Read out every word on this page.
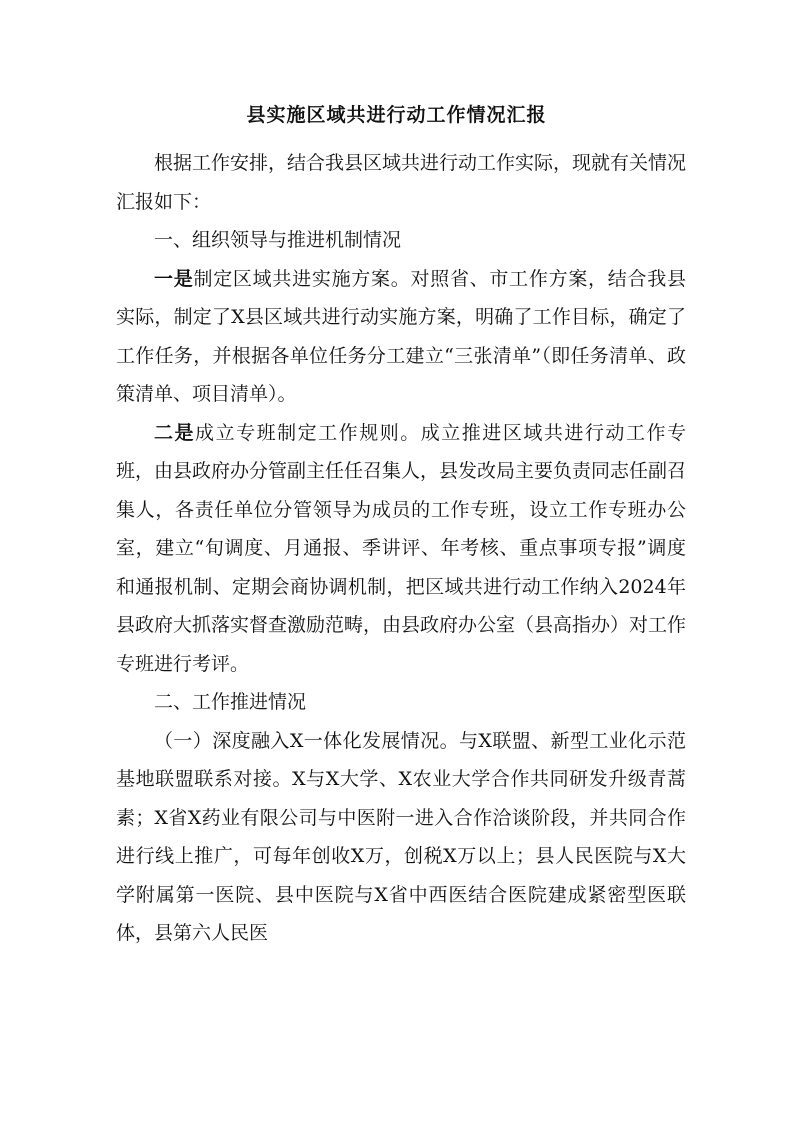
县实施区域共进行动工作情况汇报

根据工作安排，结合我县区域共进行动工作实际，现就有关情况汇报如下：

一、组织领导与推进机制情况

一是制定区域共进实施方案。对照省、市工作方案，结合我县实际，制定了X县区域共进行动实施方案，明确了工作目标，确定了工作任务，并根据各单位任务分工建立“三张清单”（即任务清单、政策清单、项目清单）。

二是成立专班制定工作规则。成立推进区域共进行动工作专班，由县政府办分管副主任任召集人，县发改局主要负责同志任副召集人，各责任单位分管领导为成员的工作专班，设立工作专班办公室，建立“旬调度、月通报、季讲评、年考核、重点事项专报”调度和通报机制、定期会商协调机制，把区域共进行动工作纳入2024年县政府大抓落实督查激励范畴，由县政府办公室（县高指办）对工作专班进行考评。

二、工作推进情况

（一）深度融入X一体化发展情况。与X联盟、新型工业化示范基地联盟联系对接。X与X大学、X农业大学合作共同研发升级青蒿素；X省X药业有限公司与中医附一进入合作洽谈阶段，并共同合作进行线上推广，可每年创收X万，创税X万以上；县人民医院与X大学附属第一医院、县中医院与X省中西医结合医院建成紧密型医联体，县第六人民医
